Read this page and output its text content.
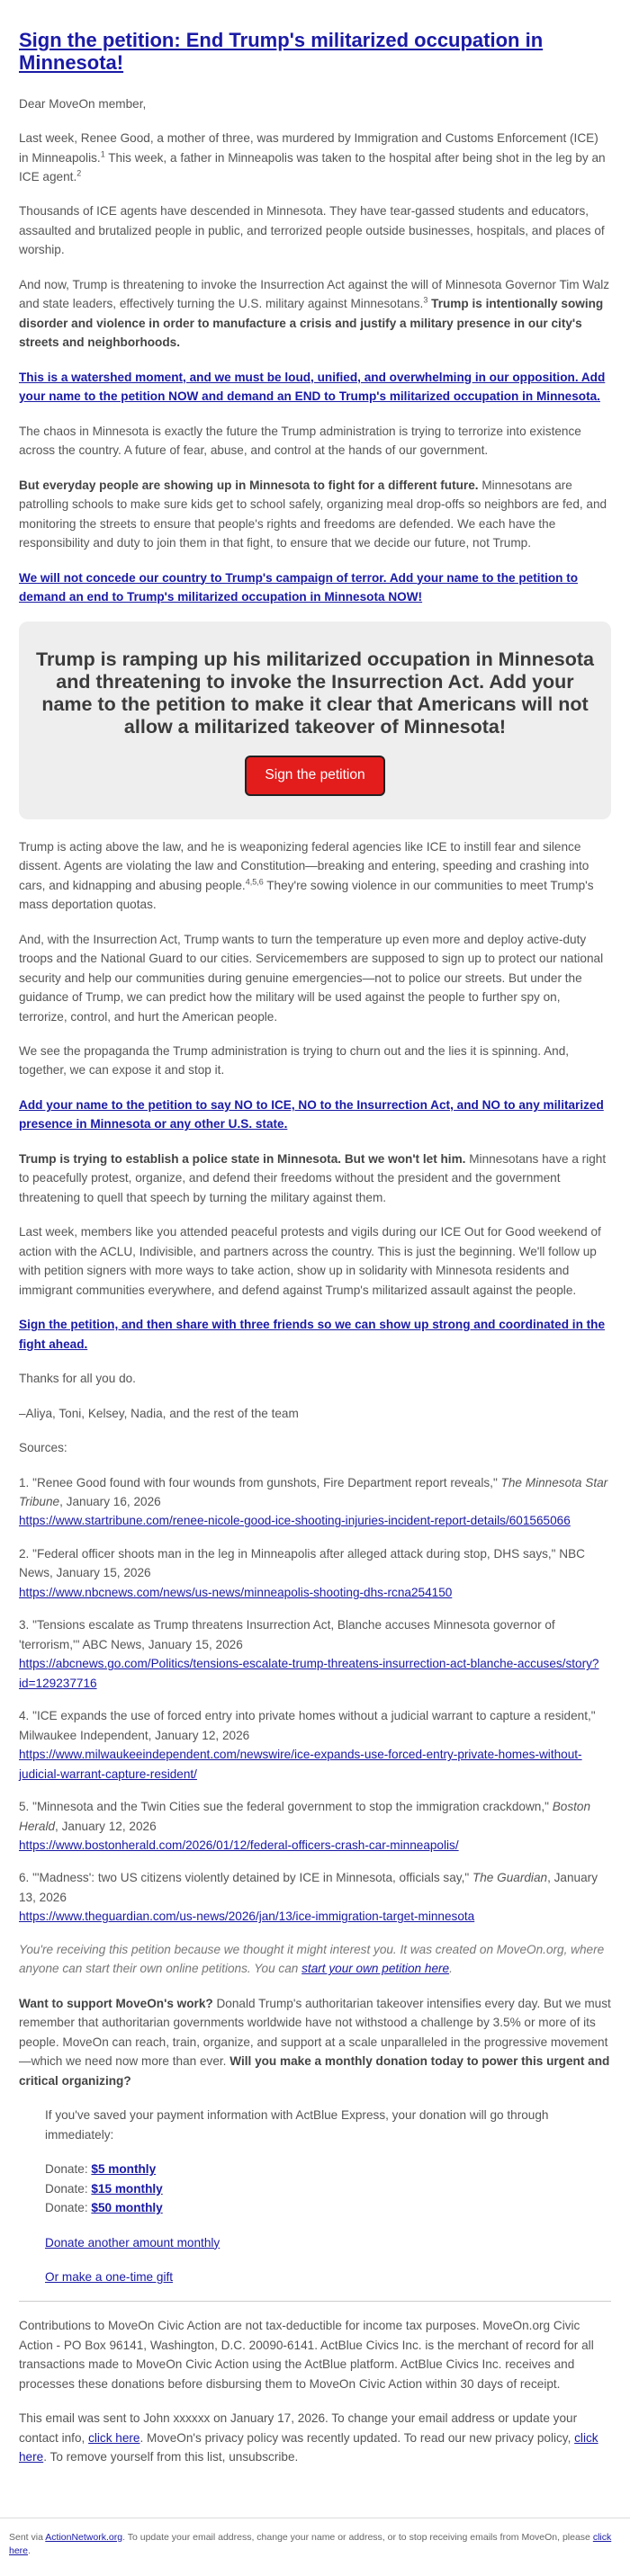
Sign the petition: End Trump's militarized occupation in Minnesota!

Dear MoveOn member,

Last week, Renee Good, a mother of three, was murdered by Immigration and Customs Enforcement (ICE) in Minneapolis.$^1$ This week, a father in Minneapolis was taken to the hospital after being shot in the leg by an ICE agent.$^2$

Thousands of ICE agents have descended in Minnesota. They have tear-gassed students and educators, assaulted and brutalized people in public, and terrorized people outside businesses, hospitals, and places of worship.

And now, Trump is threatening to invoke the Insurrection Act against the will of Minnesota Governor Tim Walz and state leaders, effectively turning the U.S. military against Minnesotans.$^3$ Trump is intentionally sowing disorder and violence in order to manufacture a crisis and justify a military presence in our city's streets and neighborhoods.

This is a watershed moment, and we must be loud, unified, and overwhelming in our opposition. Add your name to the petition NOW and demand an END to Trump's militarized occupation in Minnesota.

The chaos in Minnesota is exactly the future the Trump administration is trying to terrorize into existence across the country. A future of fear, abuse, and control at the hands of our government.

But everyday people are showing up in Minnesota to fight for a different future. Minnesotans are patrolling schools to make sure kids get to school safely, organizing meal drop-offs so neighbors are fed, and monitoring the streets to ensure that people's rights and freedoms are defended. We each have the responsibility and duty to join them in that fight, to ensure that we decide our future, not Trump.

We will not concede our country to Trump's campaign of terror. Add your name to the petition to demand an end to Trump's militarized occupation in Minnesota NOW!

Trump is ramping up his militarized occupation in Minnesota and threatening to invoke the Insurrection Act. Add your name to the petition to make it clear that Americans will not allow a militarized takeover of Minnesota!
Sign the petition

Trump is acting above the law, and he is weaponizing federal agencies like ICE to instill fear and silence dissent. Agents are violating the law and Constitution—breaking and entering, speeding and crashing into cars, and kidnapping and abusing people.$^{4,5,6}$ They're sowing violence in our communities to meet Trump's mass deportation quotas.

And, with the Insurrection Act, Trump wants to turn the temperature up even more and deploy active-duty troops and the National Guard to our cities. Servicemembers are supposed to sign up to protect our national security and help our communities during genuine emergencies—not to police our streets. But under the guidance of Trump, we can predict how the military will be used against the people to further spy on, terrorize, control, and hurt the American people.

We see the propaganda the Trump administration is trying to churn out and the lies it is spinning. And, together, we can expose it and stop it.

Add your name to the petition to say NO to ICE, NO to the Insurrection Act, and NO to any militarized presence in Minnesota or any other U.S. state.

Trump is trying to establish a police state in Minnesota. But we won't let him. Minnesotans have a right to peacefully protest, organize, and defend their freedoms without the president and the government threatening to quell that speech by turning the military against them.

Last week, members like you attended peaceful protests and vigils during our ICE Out for Good weekend of action with the ACLU, Indivisible, and partners across the country. This is just the beginning. We'll follow up with petition signers with more ways to take action, show up in solidarity with Minnesota residents and immigrant communities everywhere, and defend against Trump's militarized assault against the people.

Sign the petition, and then share with three friends so we can show up strong and coordinated in the fight ahead.

Thanks for all you do.

–Aliya, Toni, Kelsey, Nadia, and the rest of the team

Sources:

1. "Renee Good found with four wounds from gunshots, Fire Department report reveals," The Minnesota Star Tribune, January 16, 2026
https://www.startribune.com/renee-nicole-good-ice-shooting-injuries-incident-report-details/601565066

2. "Federal officer shoots man in the leg in Minneapolis after alleged attack during stop, DHS says," NBC News, January 15, 2026
https://www.nbcnews.com/news/us-news/minneapolis-shooting-dhs-rcna254150

3. "Tensions escalate as Trump threatens Insurrection Act, Blanche accuses Minnesota governor of 'terrorism,'" ABC News, January 15, 2026
https://abcnews.go.com/Politics/tensions-escalate-trump-threatens-insurrection-act-blanche-accuses/story?id=129237716

4. "ICE expands the use of forced entry into private homes without a judicial warrant to capture a resident," Milwaukee Independent, January 12, 2026
https://www.milwaukeeindependent.com/newswire/ice-expands-use-forced-entry-private-homes-without-judicial-warrant-capture-resident/

5. "Minnesota and the Twin Cities sue the federal government to stop the immigration crackdown," Boston Herald, January 12, 2026
https://www.bostonherald.com/2026/01/12/federal-officers-crash-car-minneapolis/

6. "'Madness': two US citizens violently detained by ICE in Minnesota, officials say," The Guardian, January 13, 2026
https://www.theguardian.com/us-news/2026/jan/13/ice-immigration-target-minnesota

You're receiving this petition because we thought it might interest you. It was created on MoveOn.org, where anyone can start their own online petitions. You can start your own petition here.

Want to support MoveOn's work? Donald Trump's authoritarian takeover intensifies every day. But we must remember that authoritarian governments worldwide have not withstood a challenge by 3.5% or more of its people. MoveOn can reach, train, organize, and support at a scale unparalleled in the progressive movement—which we need now more than ever. Will you make a monthly donation today to power this urgent and critical organizing?

If you've saved your payment information with ActBlue Express, your donation will go through immediately:

Donate: $5 monthly

Donate: $15 monthly

Donate: $50 monthly

Donate another amount monthly

Or make a one-time gift

Contributions to MoveOn Civic Action are not tax-deductible for income tax purposes. MoveOn.org Civic Action - PO Box 96141, Washington, D.C. 20090-6141. ActBlue Civics Inc. is the merchant of record for all transactions made to MoveOn Civic Action using the ActBlue platform. ActBlue Civics Inc. receives and processes these donations before disbursing them to MoveOn Civic Action within 30 days of receipt.

This email was sent to John xxxxxx on January 17, 2026. To change your email address or update your contact info, click here. MoveOn's privacy policy was recently updated. To read our new privacy policy, click here. To remove yourself from this list, unsubscribe.

Sent via ActionNetwork.org. To update your email address, change your name or address, or to stop receiving emails from MoveOn, please click here.
